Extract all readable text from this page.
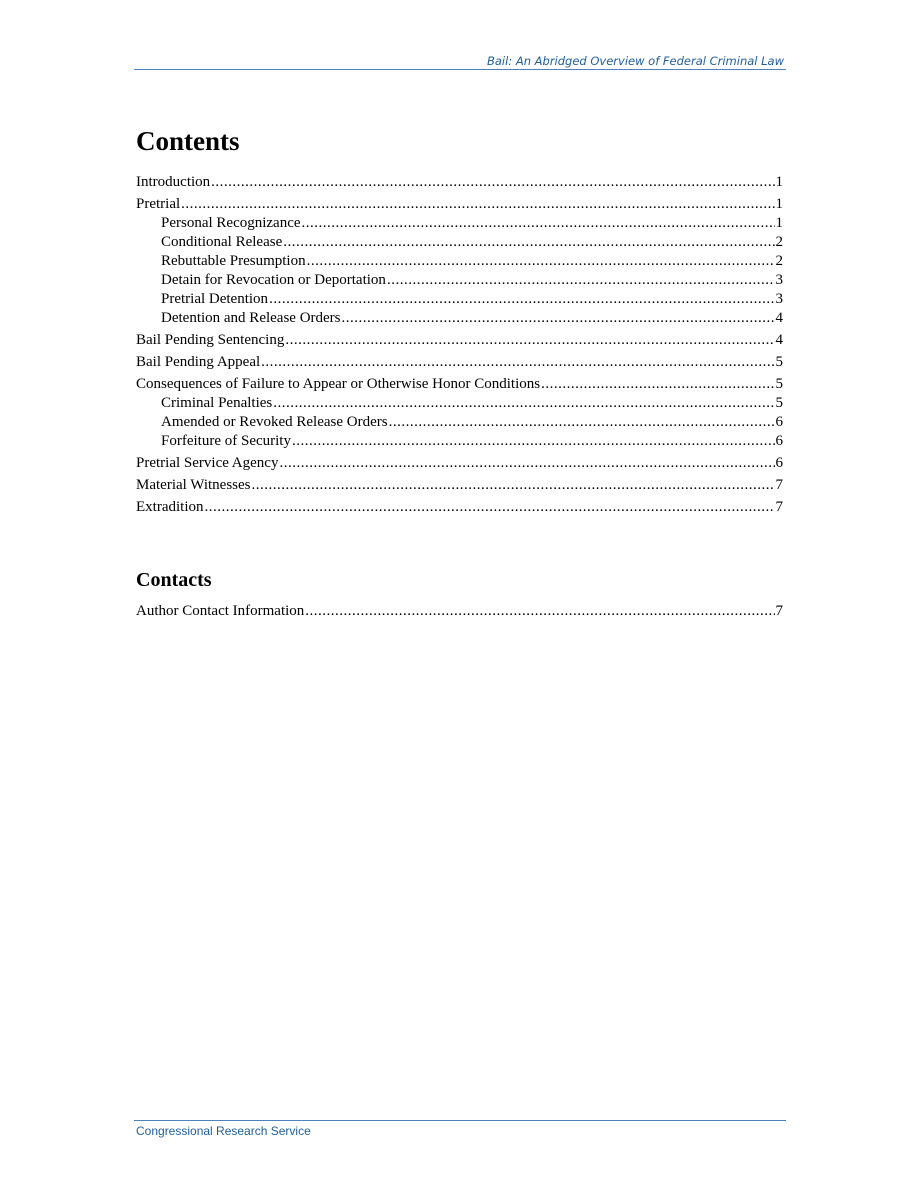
Bail: An Abridged Overview of Federal Criminal Law
Contents
Introduction .....	1
Pretrial .....	1
Personal Recognizance .....	1
Conditional Release .....	2
Rebuttable Presumption .....	2
Detain for Revocation or Deportation .....	3
Pretrial Detention .....	3
Detention and Release Orders .....	4
Bail Pending Sentencing .....	4
Bail Pending Appeal .....	5
Consequences of Failure to Appear or Otherwise Honor Conditions .....	5
Criminal Penalties .....	5
Amended or Revoked Release Orders .....	6
Forfeiture of Security .....	6
Pretrial Service Agency .....	6
Material Witnesses .....	7
Extradition .....	7
Contacts
Author Contact Information .....	7
Congressional Research Service
